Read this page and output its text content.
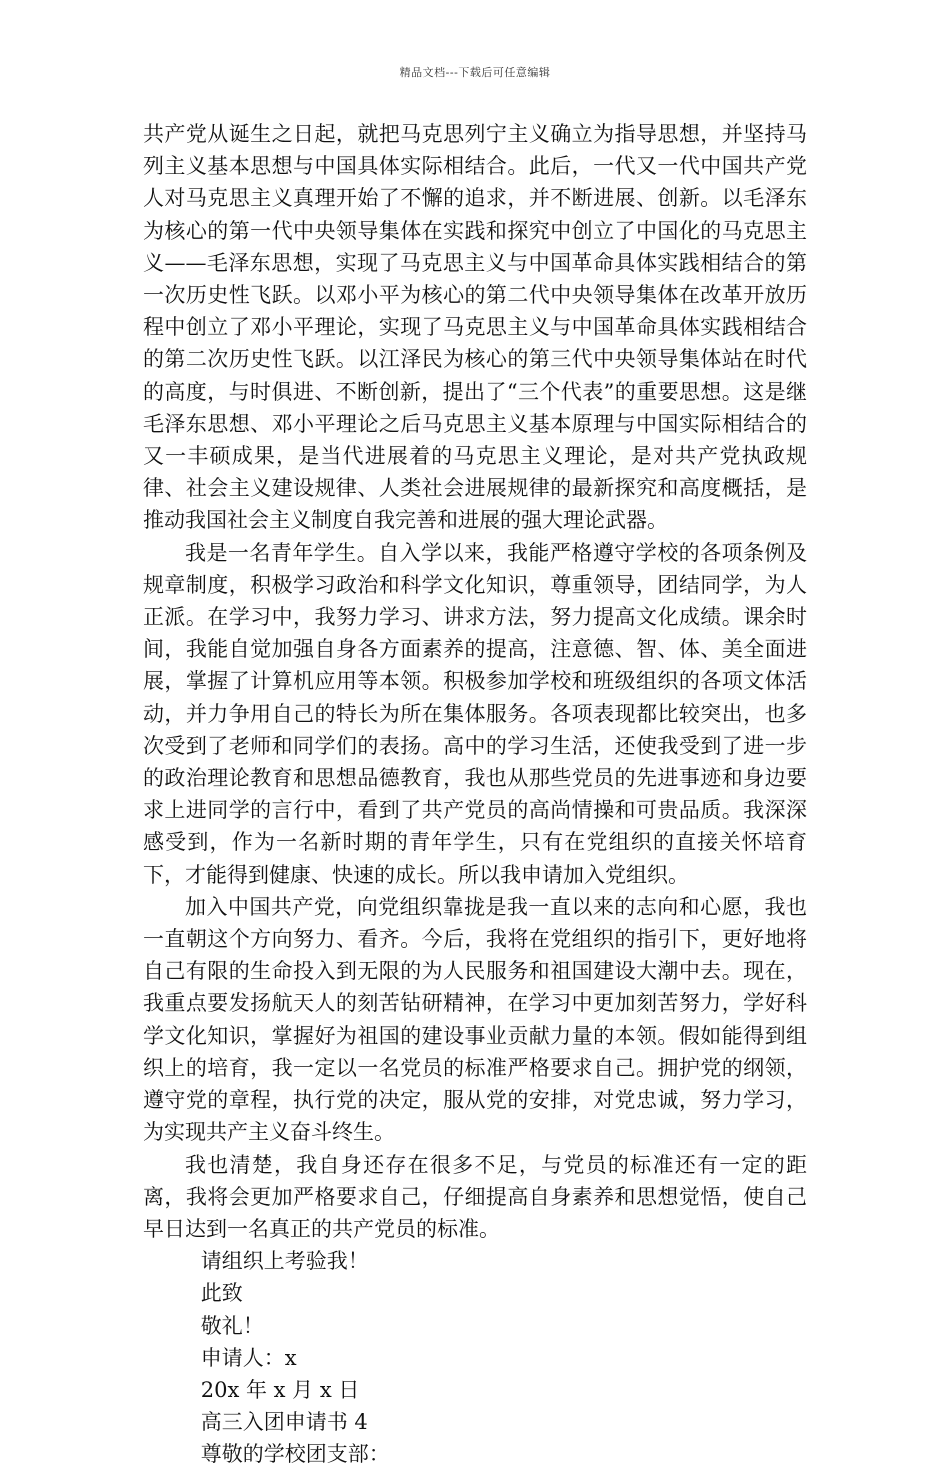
精品文档---下载后可任意编辑

共产党从诞生之日起，就把马克思列宁主义确立为指导思想，并坚持马列主义基本思想与中国具体实际相结合。此后，一代又一代中国共产党人对马克思主义真理开始了不懈的追求，并不断进展、创新。以毛泽东为核心的第一代中央领导集体在实践和探究中创立了中国化的马克思主义——毛泽东思想，实现了马克思主义与中国革命具体实践相结合的第一次历史性飞跃。以邓小平为核心的第二代中央领导集体在改革开放历程中创立了邓小平理论，实现了马克思主义与中国革命具体实践相结合的第二次历史性飞跃。以江泽民为核心的第三代中央领导集体站在时代的高度，与时俱进、不断创新，提出了“三个代表”的重要思想。这是继毛泽东思想、邓小平理论之后马克思主义基本原理与中国实际相结合的又一丰硕成果，是当代进展着的马克思主义理论，是对共产党执政规律、社会主义建设规律、人类社会进展规律的最新探究和高度概括，是推动我国社会主义制度自我完善和进展的强大理论武器。

我是一名青年学生。自入学以来，我能严格遵守学校的各项条例及规章制度，积极学习政治和科学文化知识，尊重领导，团结同学，为人正派。在学习中，我努力学习、讲求方法，努力提高文化成绩。课余时间，我能自觉加强自身各方面素养的提高，注意德、智、体、美全面进展，掌握了计算机应用等本领。积极参加学校和班级组织的各项文体活动，并力争用自己的特长为所在集体服务。各项表现都比较突出，也多次受到了老师和同学们的表扬。高中的学习生活，还使我受到了进一步的政治理论教育和思想品德教育，我也从那些党员的先进事迹和身边要求上进同学的言行中，看到了共产党员的高尚情操和可贵品质。我深深感受到，作为一名新时期的青年学生，只有在党组织的直接关怀培育下，才能得到健康、快速的成长。所以我申请加入党组织。

加入中国共产党，向党组织靠拢是我一直以来的志向和心愿，我也一直朝这个方向努力、看齐。今后，我将在党组织的指引下，更好地将自己有限的生命投入到无限的为人民服务和祖国建设大潮中去。现在，我重点要发扬航天人的刻苦钻研精神，在学习中更加刻苦努力，学好科学文化知识，掌握好为祖国的建设事业贡献力量的本领。假如能得到组织上的培育，我一定以一名党员的标准严格要求自己。拥护党的纲领，遵守党的章程，执行党的决定，服从党的安排，对党忠诚，努力学习，为实现共产主义奋斗终生。

我也清楚，我自身还存在很多不足，与党员的标准还有一定的距离，我将会更加严格要求自己，仔细提高自身素养和思想觉悟，使自己早日达到一名真正的共产党员的标准。

请组织上考验我！

此致

敬礼！

申请人：x

20x 年 x 月 x 日

高三入团申请书 4

尊敬的学校团支部：
